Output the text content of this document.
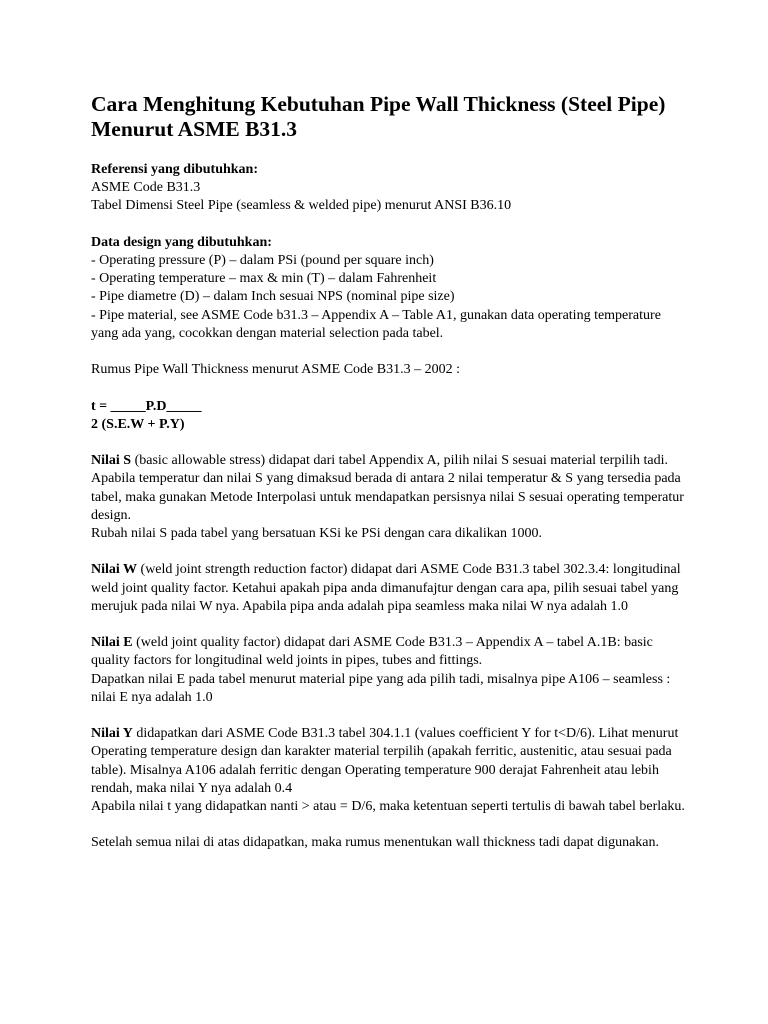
Cara Menghitung Kebutuhan Pipe Wall Thickness (Steel Pipe) Menurut ASME B31.3
Referensi yang dibutuhkan:
ASME Code B31.3
Tabel Dimensi Steel Pipe (seamless & welded pipe) menurut ANSI B36.10
Data design yang dibutuhkan:
- Operating pressure (P) – dalam PSi (pound per square inch)
- Operating temperature – max & min (T) – dalam Fahrenheit
- Pipe diametre (D) – dalam Inch sesuai NPS (nominal pipe size)
- Pipe material, see ASME Code b31.3 – Appendix A – Table A1, gunakan data operating temperature yang ada yang, cocokkan dengan material selection pada tabel.
Rumus Pipe Wall Thickness menurut ASME Code B31.3 – 2002 :
t = _____P.D_____
2 (S.E.W + P.Y)
Nilai S (basic allowable stress) didapat dari tabel Appendix A, pilih nilai S sesuai material terpilih tadi.
Apabila temperatur dan nilai S yang dimaksud berada di antara 2 nilai temperatur & S yang tersedia pada tabel, maka gunakan Metode Interpolasi untuk mendapatkan persisnya nilai S sesuai operating temperatur design.
Rubah nilai S pada tabel yang bersatuan KSi ke PSi dengan cara dikalikan 1000.
Nilai W (weld joint strength reduction factor) didapat dari ASME Code B31.3 tabel 302.3.4: longitudinal weld joint quality factor. Ketahui apakah pipa anda dimanufajtur dengan cara apa, pilih sesuai tabel yang merujuk pada nilai W nya. Apabila pipa anda adalah pipa seamless maka nilai W nya adalah 1.0
Nilai E (weld joint quality factor) didapat dari ASME Code B31.3 – Appendix A – tabel A.1B: basic quality factors for longitudinal weld joints in pipes, tubes and fittings.
Dapatkan nilai E pada tabel menurut material pipe yang ada pilih tadi, misalnya pipe A106 – seamless : nilai E nya adalah 1.0
Nilai Y didapatkan dari ASME Code B31.3 tabel 304.1.1 (values coefficient Y for t<D/6). Lihat menurut Operating temperature design dan karakter material terpilih (apakah ferritic, austenitic, atau sesuai pada table). Misalnya A106 adalah ferritic dengan Operating temperature 900 derajat Fahrenheit atau lebih rendah, maka nilai Y nya adalah 0.4
Apabila nilai t yang didapatkan nanti > atau = D/6, maka ketentuan seperti tertulis di bawah tabel berlaku.
Setelah semua nilai di atas didapatkan, maka rumus menentukan wall thickness tadi dapat digunakan.
